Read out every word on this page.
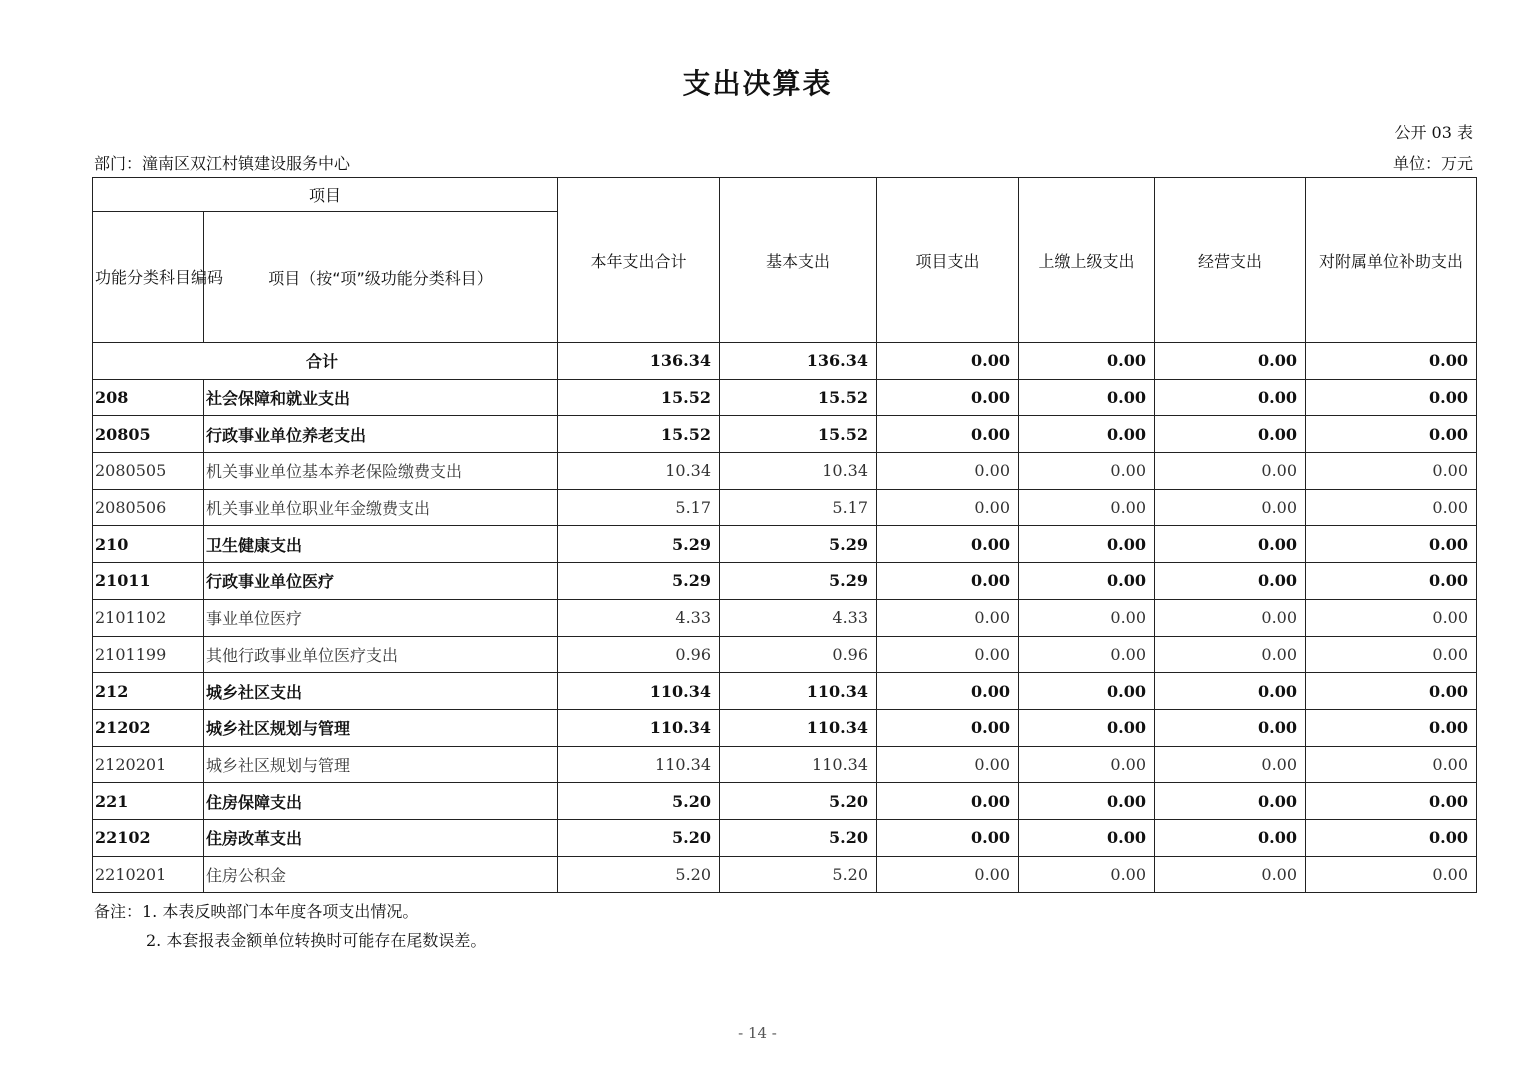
支出决算表
公开 03 表
部门：潼南区双江村镇建设服务中心	单位：万元
项目		本年支出合计	基本支出	项目支出	上缴上级支出	经营支出	对附属单位补助支出
功能分类科目编码	项目（按“项”级功能分类科目）						
合计		136.34	136.34	0.00	0.00	0.00	0.00
208	社会保障和就业支出	15.52	15.52	0.00	0.00	0.00	0.00
20805	行政事业单位养老支出	15.52	15.52	0.00	0.00	0.00	0.00
2080505	机关事业单位基本养老保险缴费支出	10.34	10.34	0.00	0.00	0.00	0.00
2080506	机关事业单位职业年金缴费支出	5.17	5.17	0.00	0.00	0.00	0.00
210	卫生健康支出	5.29	5.29	0.00	0.00	0.00	0.00
21011	行政事业单位医疗	5.29	5.29	0.00	0.00	0.00	0.00
2101102	事业单位医疗	4.33	4.33	0.00	0.00	0.00	0.00
2101199	其他行政事业单位医疗支出	0.96	0.96	0.00	0.00	0.00	0.00
212	城乡社区支出	110.34	110.34	0.00	0.00	0.00	0.00
21202	城乡社区规划与管理	110.34	110.34	0.00	0.00	0.00	0.00
2120201	城乡社区规划与管理	110.34	110.34	0.00	0.00	0.00	0.00
221	住房保障支出	5.20	5.20	0.00	0.00	0.00	0.00
22102	住房改革支出	5.20	5.20	0.00	0.00	0.00	0.00
2210201	住房公积金	5.20	5.20	0.00	0.00	0.00	0.00
备注：1. 本表反映部门本年度各项支出情况。
2. 本套报表金额单位转换时可能存在尾数误差。
- 14 -
